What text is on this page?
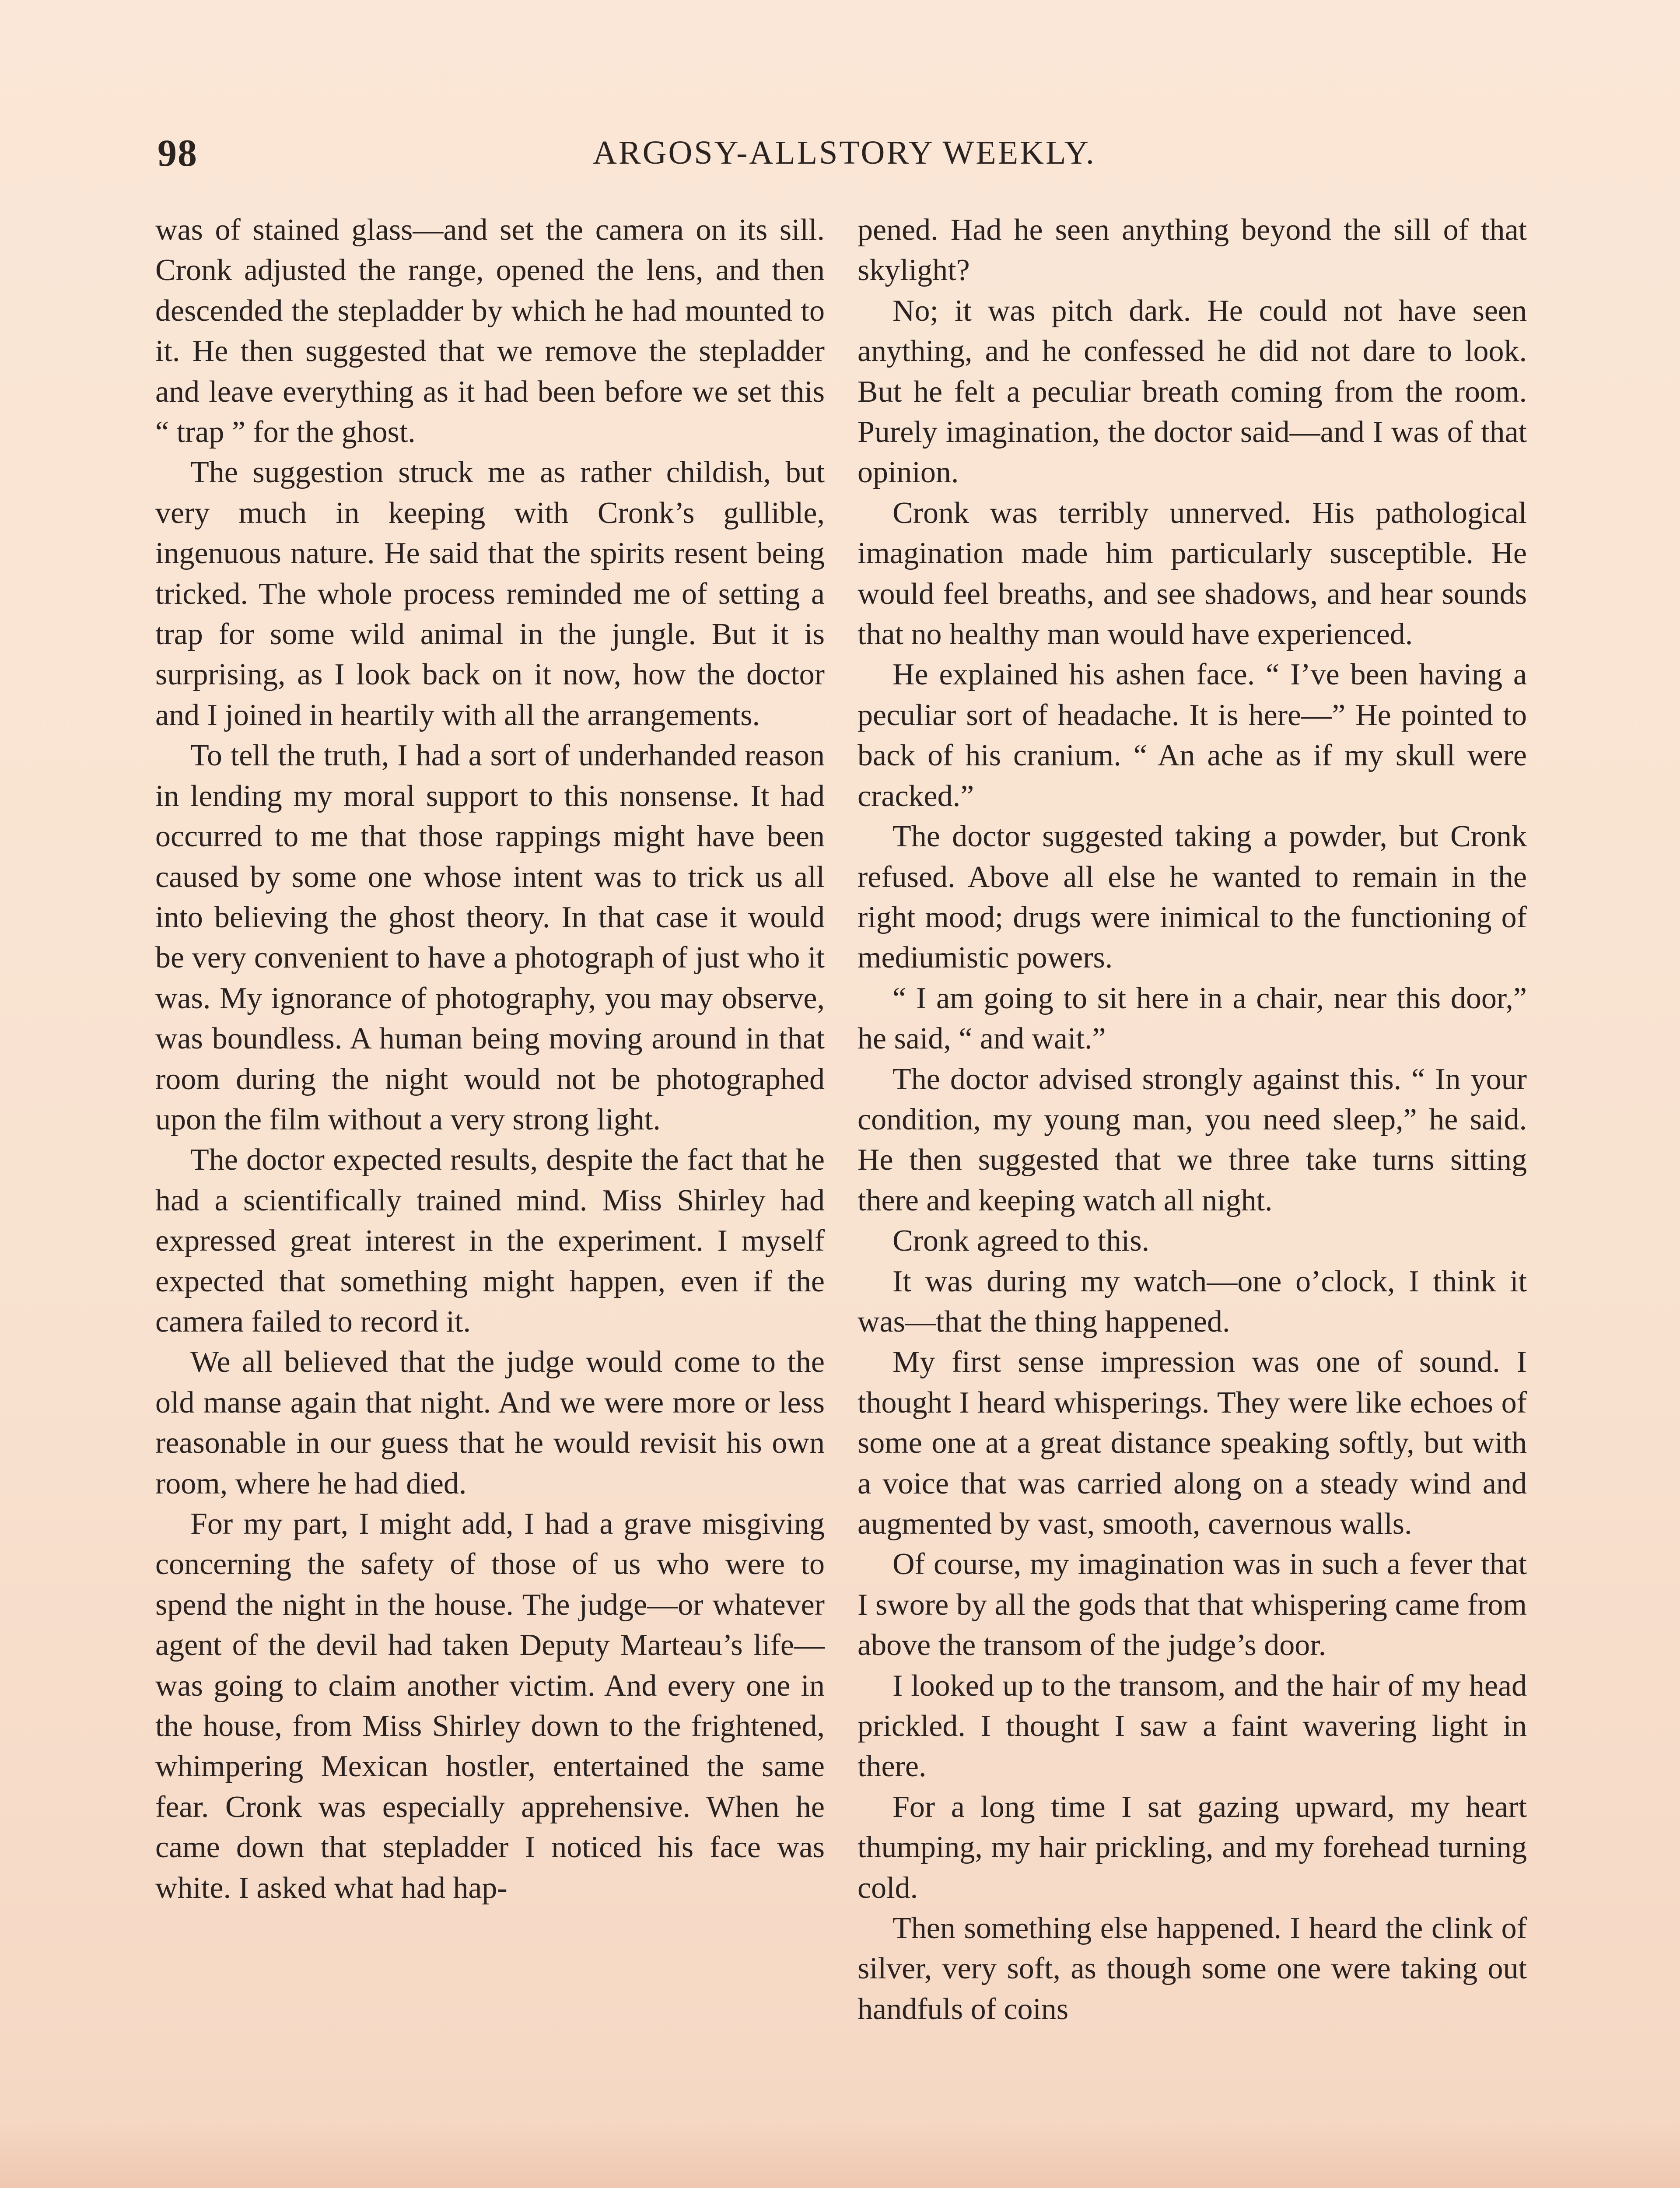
98	ARGOSY-ALLSTORY WEEKLY.

was of stained glass—and set the camera on its sill. Cronk adjusted the range, opened the lens, and then descended the stepladder by which he had mounted to it. He then suggested that we remove the stepladder and leave everything as it had been before we set this “ trap ” for the ghost.

The suggestion struck me as rather childish, but very much in keeping with Cronk’s gullible, ingenuous nature. He said that the spirits resent being tricked. The whole process reminded me of setting a trap for some wild animal in the jungle. But it is surprising, as I look back on it now, how the doctor and I joined in heartily with all the arrangements.

To tell the truth, I had a sort of underhanded reason in lending my moral support to this nonsense. It had occurred to me that those rappings might have been caused by some one whose intent was to trick us all into believing the ghost theory. In that case it would be very convenient to have a photograph of just who it was. My ignorance of photography, you may observe, was boundless. A human being moving around in that room during the night would not be photographed upon the film without a very strong light.

The doctor expected results, despite the fact that he had a scientifically trained mind. Miss Shirley had expressed great interest in the experiment. I myself expected that something might happen, even if the camera failed to record it.

We all believed that the judge would come to the old manse again that night. And we were more or less reasonable in our guess that he would revisit his own room, where he had died.

For my part, I might add, I had a grave misgiving concerning the safety of those of us who were to spend the night in the house. The judge—or whatever agent of the devil had taken Deputy Marteau’s life—was going to claim another victim. And every one in the house, from Miss Shirley down to the frightened, whimpering Mexican hostler, entertained the same fear. Cronk was especially apprehensive. When he came down that stepladder I noticed his face was white. I asked what had hap-

pened. Had he seen anything beyond the sill of that skylight?

No; it was pitch dark. He could not have seen anything, and he confessed he did not dare to look. But he felt a peculiar breath coming from the room. Purely imagination, the doctor said—and I was of that opinion.

Cronk was terribly unnerved. His pathological imagination made him particularly susceptible. He would feel breaths, and see shadows, and hear sounds that no healthy man would have experienced.

He explained his ashen face. “ I’ve been having a peculiar sort of headache. It is here—” He pointed to back of his cranium. “ An ache as if my skull were cracked.”

The doctor suggested taking a powder, but Cronk refused. Above all else he wanted to remain in the right mood; drugs were inimical to the functioning of mediumistic powers.

“ I am going to sit here in a chair, near this door,” he said, “ and wait.”

The doctor advised strongly against this. “ In your condition, my young man, you need sleep,” he said. He then suggested that we three take turns sitting there and keeping watch all night.

Cronk agreed to this.

It was during my watch—one o’clock, I think it was—that the thing happened.

My first sense impression was one of sound. I thought I heard whisperings. They were like echoes of some one at a great distance speaking softly, but with a voice that was carried along on a steady wind and augmented by vast, smooth, cavernous walls.

Of course, my imagination was in such a fever that I swore by all the gods that that whispering came from above the transom of the judge’s door.

I looked up to the transom, and the hair of my head prickled. I thought I saw a faint wavering light in there.

For a long time I sat gazing upward, my heart thumping, my hair prickling, and my forehead turning cold.

Then something else happened. I heard the clink of silver, very soft, as though some one were taking out handfuls of coins
